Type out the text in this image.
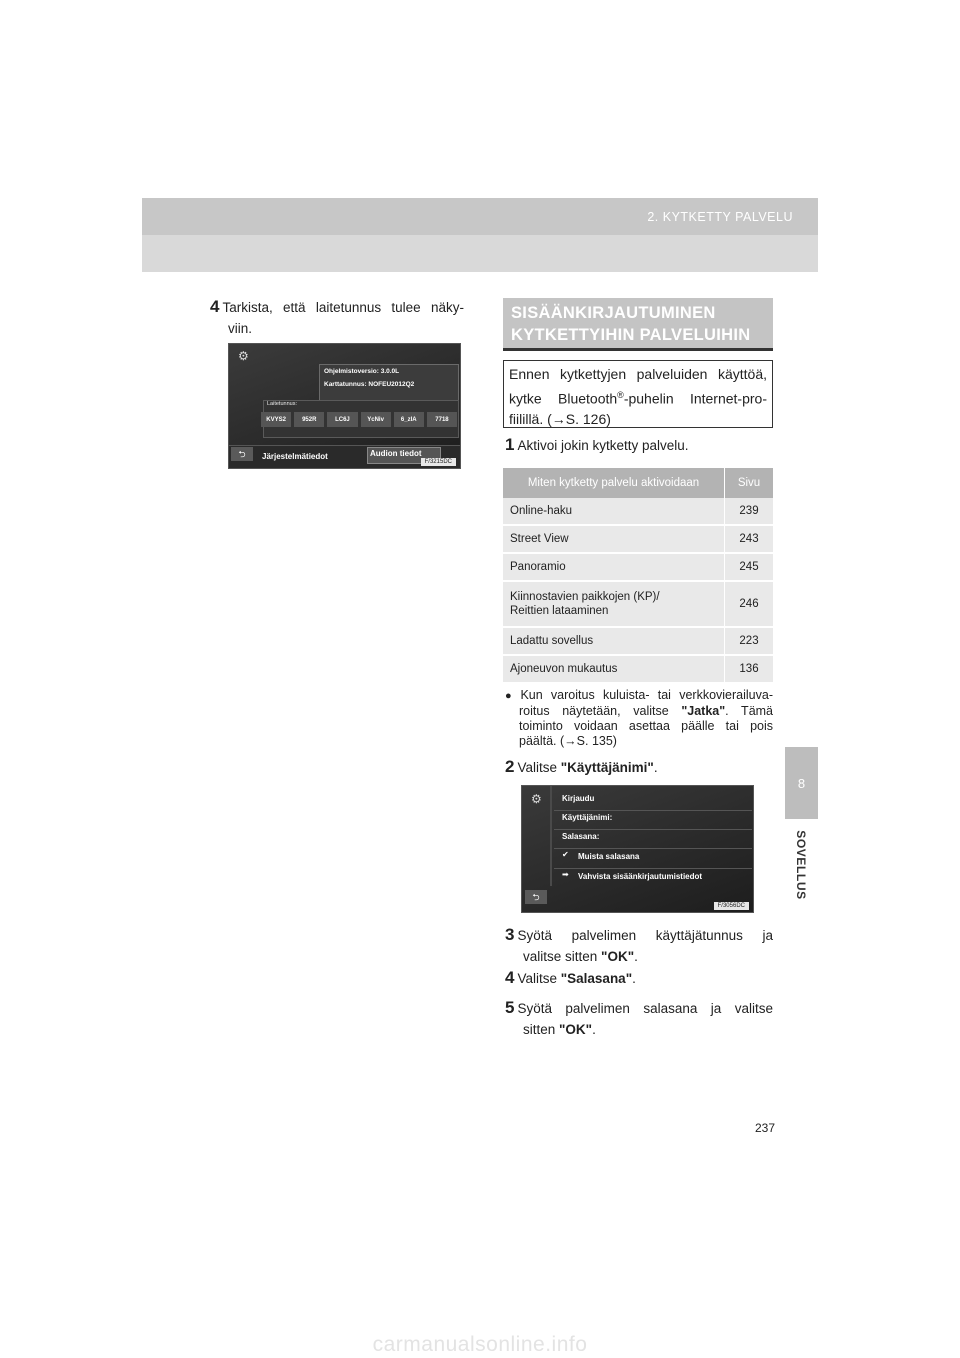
2. KYTKETTY PALVELU
8
SOVELLUS
4 Tarkista, että laitetunnus tulee näky-
viin.
⚙
Ohjelmistoversio: 3.0.0L
Karttatunnus: NOFEU2012Q2
Laitetunnus:
KVYS2	952R	LC6J	YcNiv	6_zIA	7718
⮌	Järjestelmätiedot	Audion tiedot
F/3215DC
SISÄÄNKIRJAUTUMINEN
KYTKETTYIHIN PALVELUIHIN
Ennen kytkettyjen palveluiden käyttöä,
kytke Bluetooth®-puhelin Internet-pro-
fiilillä. (→S. 126)
1 Aktivoi jokin kytketty palvelu.
Miten kytketty palvelu aktivoidaan	Sivu
Online-haku	239
Street View	243
Panoramio	245

Kiinnostavien paikkojen (KP)/
Reittien lataaminen	246
Ladattu sovellus	223
Ajoneuvon mukautus	136
● Kun varoitus kuluista- tai verkkovierailuva-
roitus näytetään, valitse "Jatka". Tämä
toiminto voidaan asettaa päälle tai pois
päältä. (→S. 135)
2 Valitse "Käyttäjänimi".
⚙	Kirjaudu
Käyttäjänimi:
Salasana:
✔ Muista salasana
➡ Vahvista sisäänkirjautumistiedot
⮌
F/3056DC
3 Syötä palvelimen käyttäjätunnus ja
valitse sitten "OK".
4 Valitse "Salasana".
5 Syötä palvelimen salasana ja valitse
sitten "OK".
237
carmanualsonline.info
